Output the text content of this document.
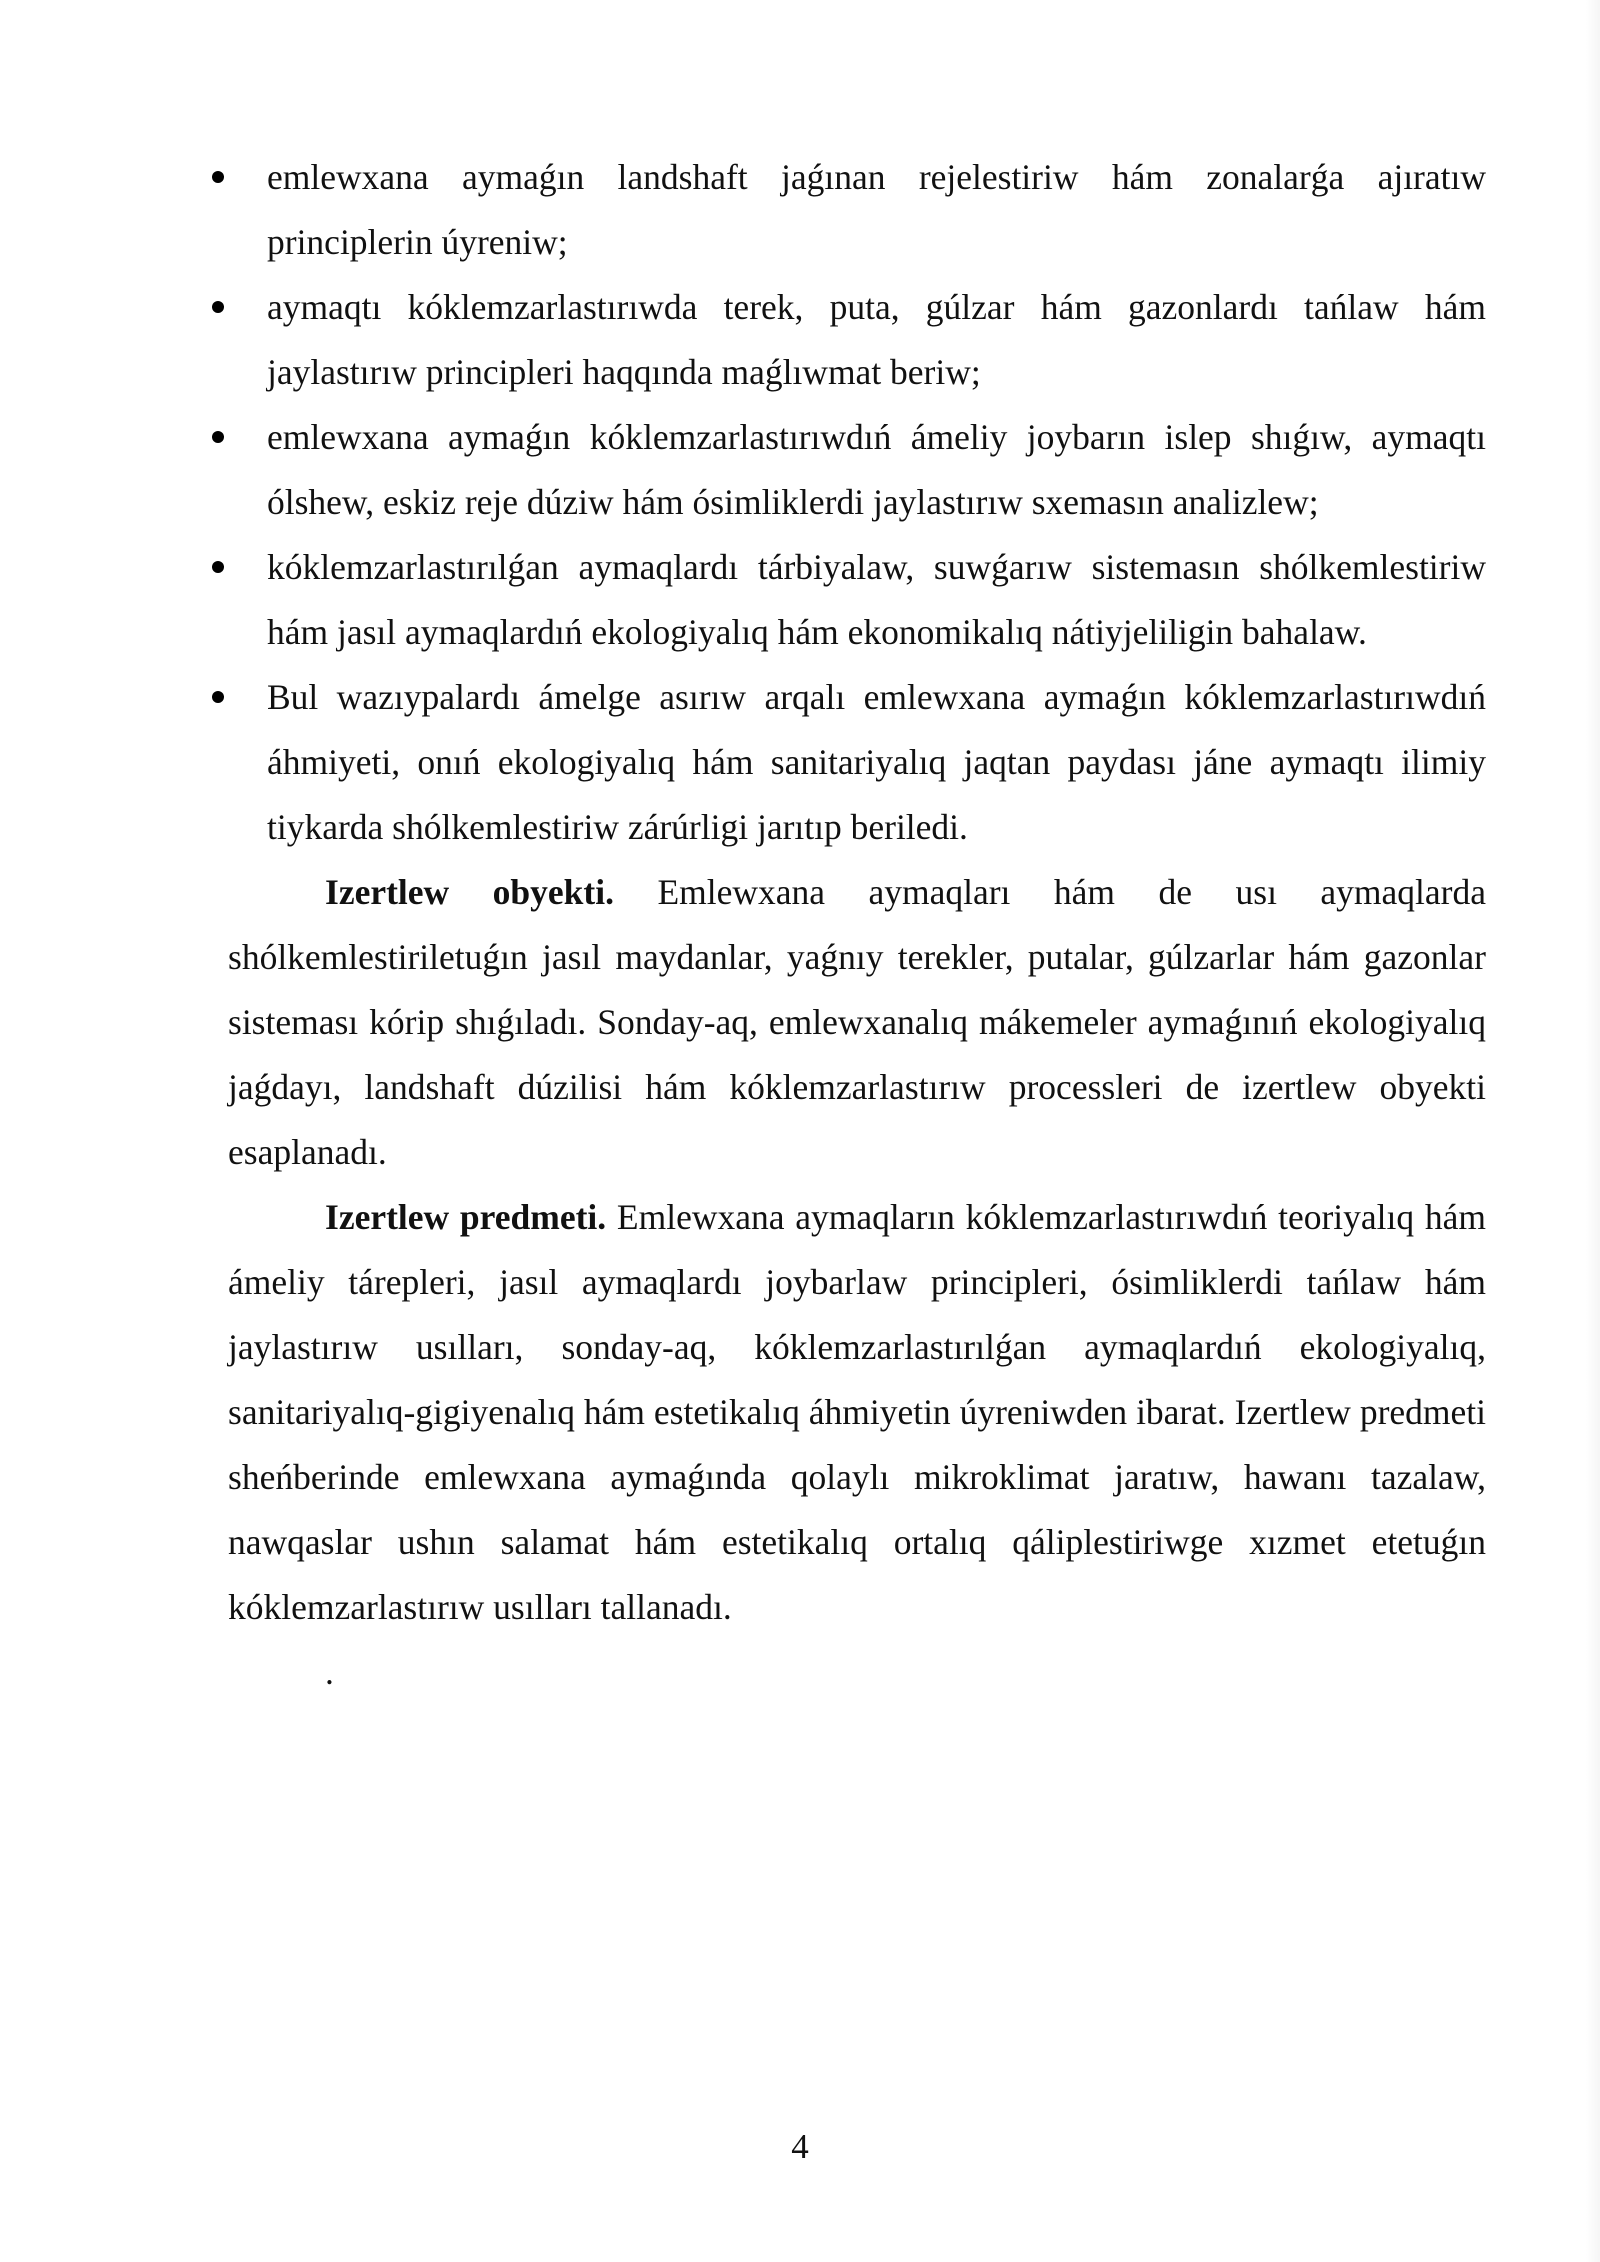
emlewxana aymaǵın landshaft jaǵınan rejelestiriw hám zonalarǵa ajıratıw principlerin úyreniw;
aymaqtı kóklemzarlastırıwda terek, puta, gúlzar hám gazonlardı tańlaw hám jaylastırıw principleri haqqında maǵlıwmat beriw;
emlewxana aymaǵın kóklemzarlastırıwdıń ámeliy joybarın islep shıǵıw, aymaqtı ólshew, eskiz reje dúziw hám ósimliklerdi jaylastırıw sxemasın analizlew;
kóklemzarlastırılǵan aymaqlardı tárbiyalaw, suwǵarıw sistemasın shólkemlestiriw hám jasıl aymaqlardıń ekologiyalıq hám ekonomikalıq nátiyjeliligin bahalaw.
Bul wazıypalardı ámelge asırıw arqalı emlewxana aymaǵın kóklemzarlastırıwdıń áhmiyeti, onıń ekologiyalıq hám sanitariyalıq jaqtan paydası jáne aymaqtı ilimiy tiykarda shólkemlestiriw zárúrligi jarıtıp beriledi.

Izertlew obyekti. Emlewxana aymaqları hám de usı aymaqlarda shólkemlestiriletuǵın jasıl maydanlar, yaǵnıy terekler, putalar, gúlzarlar hám gazonlar sisteması kórip shıǵıladı. Sonday-aq, emlewxanalıq mákemeler aymaǵınıń ekologiyalıq jaǵdayı, landshaft dúzilisi hám kóklemzarlastırıw processleri de izertlew obyekti esaplanadı.

Izertlew predmeti. Emlewxana aymaqların kóklemzarlastırıwdıń teoriyalıq hám ámeliy tárepleri, jasıl aymaqlardı joybarlaw principleri, ósimliklerdi tańlaw hám jaylastırıw usılları, sonday-aq, kóklemzarlastırılǵan aymaqlardıń ekologiyalıq, sanitariyalıq-gigiyenalıq hám estetikalıq áhmiyetin úyreniwden ibarat. Izertlew predmeti sheńberinde emlewxana aymaǵında qolaylı mikroklimat jaratıw, hawanı tazalaw, nawqaslar ushın salamat hám estetikalıq ortalıq qáliplestiriwge xızmet etetuǵın kóklemzarlastırıw usılları tallanadı.

.

4
